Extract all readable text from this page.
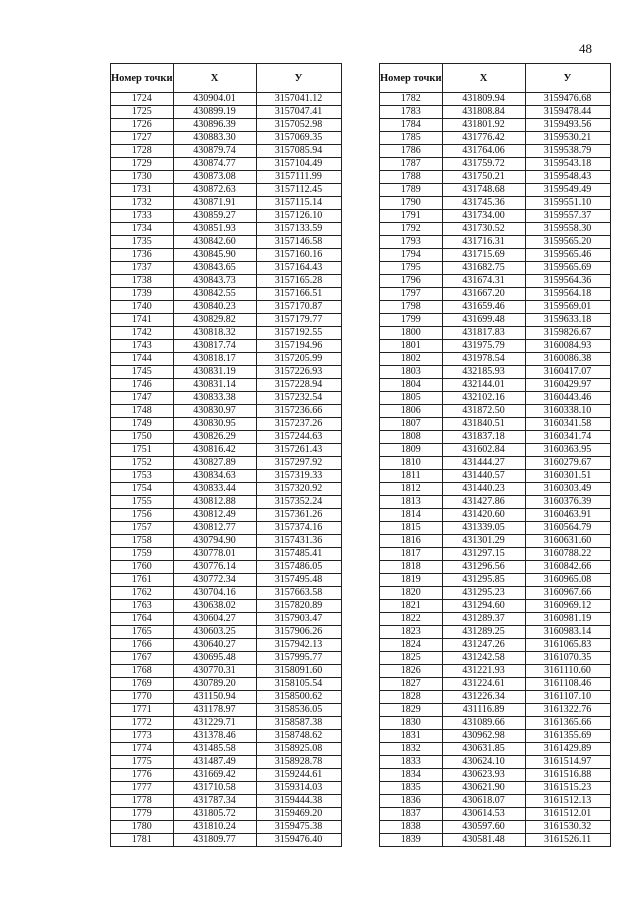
48
Номер точки	Х	У
1724	430904.01	3157041.12
1725	430899.19	3157047.41
1726	430896.39	3157052.98
1727	430883.30	3157069.35
1728	430879.74	3157085.94
1729	430874.77	3157104.49
1730	430873.08	3157111.99
1731	430872.63	3157112.45
1732	430871.91	3157115.14
1733	430859.27	3157126.10
1734	430851.93	3157133.59
1735	430842.60	3157146.58
1736	430845.90	3157160.16
1737	430843.65	3157164.43
1738	430843.73	3157165.28
1739	430842.55	3157166.51
1740	430840.23	3157170.87
1741	430829.82	3157179.77
1742	430818.32	3157192.55
1743	430817.74	3157194.96
1744	430818.17	3157205.99
1745	430831.19	3157226.93
1746	430831.14	3157228.94
1747	430833.38	3157232.54
1748	430830.97	3157236.66
1749	430830.95	3157237.26
1750	430826.29	3157244.63
1751	430816.42	3157261.43
1752	430827.89	3157297.92
1753	430834.63	3157319.33
1754	430833.44	3157320.92
1755	430812.88	3157352.24
1756	430812.49	3157361.26
1757	430812.77	3157374.16
1758	430794.90	3157431.36
1759	430778.01	3157485.41
1760	430776.14	3157486.05
1761	430772.34	3157495.48
1762	430704.16	3157663.58
1763	430638.02	3157820.89
1764	430604.27	3157903.47
1765	430603.25	3157906.26
1766	430640.27	3157942.13
1767	430695.48	3157995.77
1768	430770.31	3158091.60
1769	430789.20	3158105.54
1770	431150.94	3158500.62
1771	431178.97	3158536.05
1772	431229.71	3158587.38
1773	431378.46	3158748.62
1774	431485.58	3158925.08
1775	431487.49	3158928.78
1776	431669.42	3159244.61
1777	431710.58	3159314.03
1778	431787.34	3159444.38
1779	431805.72	3159469.20
1780	431810.24	3159475.38
1781	431809.77	3159476.40
Номер точки	Х	У
1782	431809.94	3159476.68
1783	431808.84	3159478.44
1784	431801.92	3159493.56
1785	431776.42	3159530.21
1786	431764.06	3159538.79
1787	431759.72	3159543.18
1788	431750.21	3159548.43
1789	431748.68	3159549.49
1790	431745.36	3159551.10
1791	431734.00	3159557.37
1792	431730.52	3159558.30
1793	431716.31	3159565.20
1794	431715.69	3159565.46
1795	431682.75	3159565.69
1796	431674.31	3159564.36
1797	431667.20	3159564.18
1798	431659.46	3159569.01
1799	431699.48	3159633.18
1800	431817.83	3159826.67
1801	431975.79	3160084.93
1802	431978.54	3160086.38
1803	432185.93	3160417.07
1804	432144.01	3160429.97
1805	432102.16	3160443.46
1806	431872.50	3160338.10
1807	431840.51	3160341.58
1808	431837.18	3160341.74
1809	431602.84	3160363.95
1810	431444.27	3160279.67
1811	431440.57	3160301.51
1812	431440.23	3160303.49
1813	431427.86	3160376.39
1814	431420.60	3160463.91
1815	431339.05	3160564.79
1816	431301.29	3160631.60
1817	431297.15	3160788.22
1818	431296.56	3160842.66
1819	431295.85	3160965.08
1820	431295.23	3160967.66
1821	431294.60	3160969.12
1822	431289.37	3160981.19
1823	431289.25	3160983.14
1824	431247.26	3161065.83
1825	431242.58	3161070.35
1826	431221.93	3161110.60
1827	431224.61	3161108.46
1828	431226.34	3161107.10
1829	431116.89	3161322.76
1830	431089.66	3161365.66
1831	430962.98	3161355.69
1832	430631.85	3161429.89
1833	430624.10	3161514.97
1834	430623.93	3161516.88
1835	430621.90	3161515.23
1836	430618.07	3161512.13
1837	430614.53	3161512.01
1838	430597.60	3161530.32
1839	430581.48	3161526.11
